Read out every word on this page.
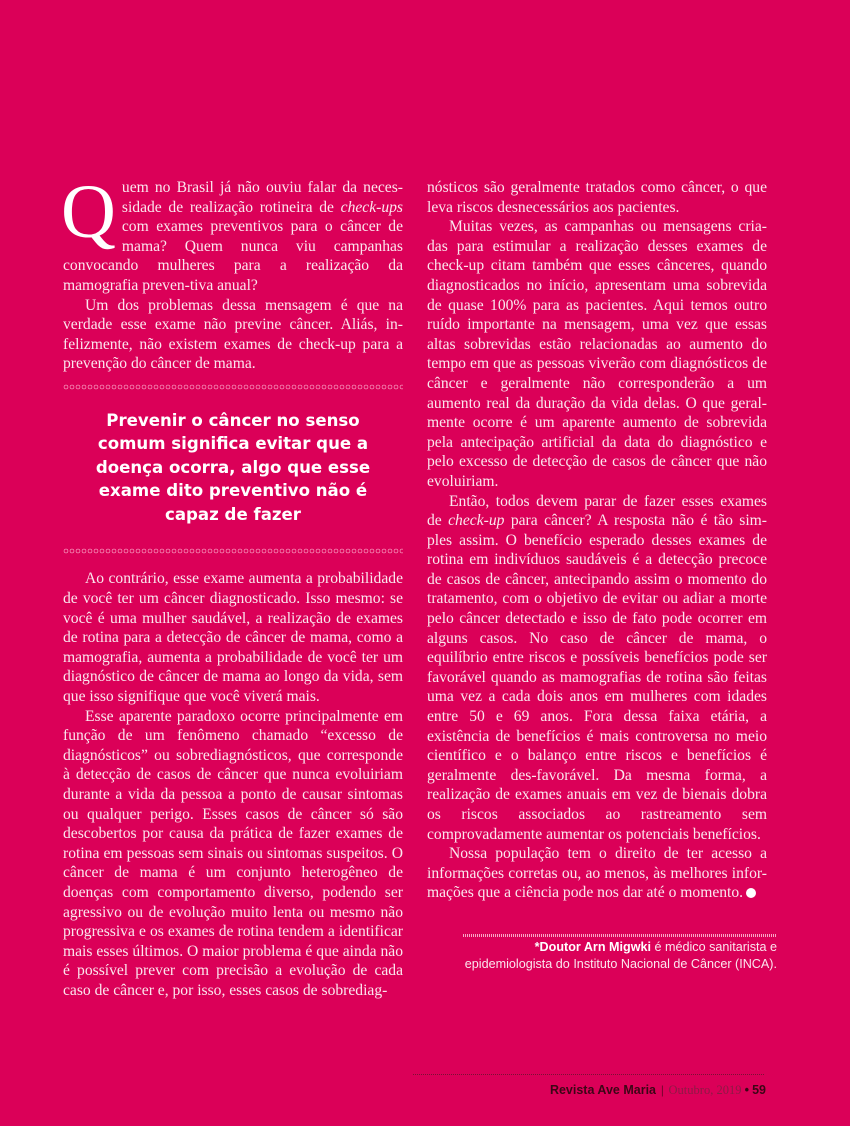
Quem no Brasil já não ouviu falar da neces-sidade de realização rotineira de check-ups com exames preventivos para o câncer de mama? Quem nunca viu campanhas convocando mulheres para a realização da mamografia preven-tiva anual?

Um dos problemas dessa mensagem é que na verdade esse exame não previne câncer. Aliás, in-felizmente, não existem exames de check-up para a prevenção do câncer de mama.

Prevenir o câncer no senso comum significa evitar que a doença ocorra, algo que esse exame dito preventivo não é capaz de fazer

Ao contrário, esse exame aumenta a probabilidade de você ter um câncer diagnosticado. Isso mesmo: se você é uma mulher saudável, a realização de exames de rotina para a detecção de câncer de mama, como a mamografia, aumenta a probabilidade de você ter um diagnóstico de câncer de mama ao longo da vida, sem que isso signifique que você viverá mais.

Esse aparente paradoxo ocorre principalmente em função de um fenômeno chamado “excesso de diagnósticos” ou sobrediagnósticos, que corresponde à detecção de casos de câncer que nunca evoluiriam durante a vida da pessoa a ponto de causar sintomas ou qualquer perigo. Esses casos de câncer só são descobertos por causa da prática de fazer exames de rotina em pessoas sem sinais ou sintomas suspeitos. O câncer de mama é um conjunto heterogêneo de doenças com comportamento diverso, podendo ser agressivo ou de evolução muito lenta ou mesmo não progressiva e os exames de rotina tendem a identificar mais esses últimos. O maior problema é que ainda não é possível prever com precisão a evolução de cada caso de câncer e, por isso, esses casos de sobrediag-

nósticos são geralmente tratados como câncer, o que leva riscos desnecessários aos pacientes.

Muitas vezes, as campanhas ou mensagens cria-das para estimular a realização desses exames de check-up citam também que esses cânceres, quando diagnosticados no início, apresentam uma sobrevida de quase 100% para as pacientes. Aqui temos outro ruído importante na mensagem, uma vez que essas altas sobrevidas estão relacionadas ao aumento do tempo em que as pessoas viverão com diagnósticos de câncer e geralmente não corresponderão a um aumento real da duração da vida delas. O que geral-mente ocorre é um aparente aumento de sobrevida pela antecipação artificial da data do diagnóstico e pelo excesso de detecção de casos de câncer que não evoluiriam.

Então, todos devem parar de fazer esses exames de check-up para câncer? A resposta não é tão sim-ples assim. O benefício esperado desses exames de rotina em indivíduos saudáveis é a detecção precoce de casos de câncer, antecipando assim o momento do tratamento, com o objetivo de evitar ou adiar a morte pelo câncer detectado e isso de fato pode ocorrer em alguns casos. No caso de câncer de mama, o equilíbrio entre riscos e possíveis benefícios pode ser favorável quando as mamografias de rotina são feitas uma vez a cada dois anos em mulheres com idades entre 50 e 69 anos. Fora dessa faixa etária, a existência de benefícios é mais controversa no meio científico e o balanço entre riscos e benefícios é geralmente des-favorável. Da mesma forma, a realização de exames anuais em vez de bienais dobra os riscos associados ao rastreamento sem comprovadamente aumentar os potenciais benefícios.

Nossa população tem o direito de ter acesso a informações corretas ou, ao menos, às melhores infor-mações que a ciência pode nos dar até o momento.

*Doutor Arn Migwki é médico sanitarista e epidemiologista do Instituto Nacional de Câncer (INCA).
Revista Ave Maria | Outubro, 2019 • 59
